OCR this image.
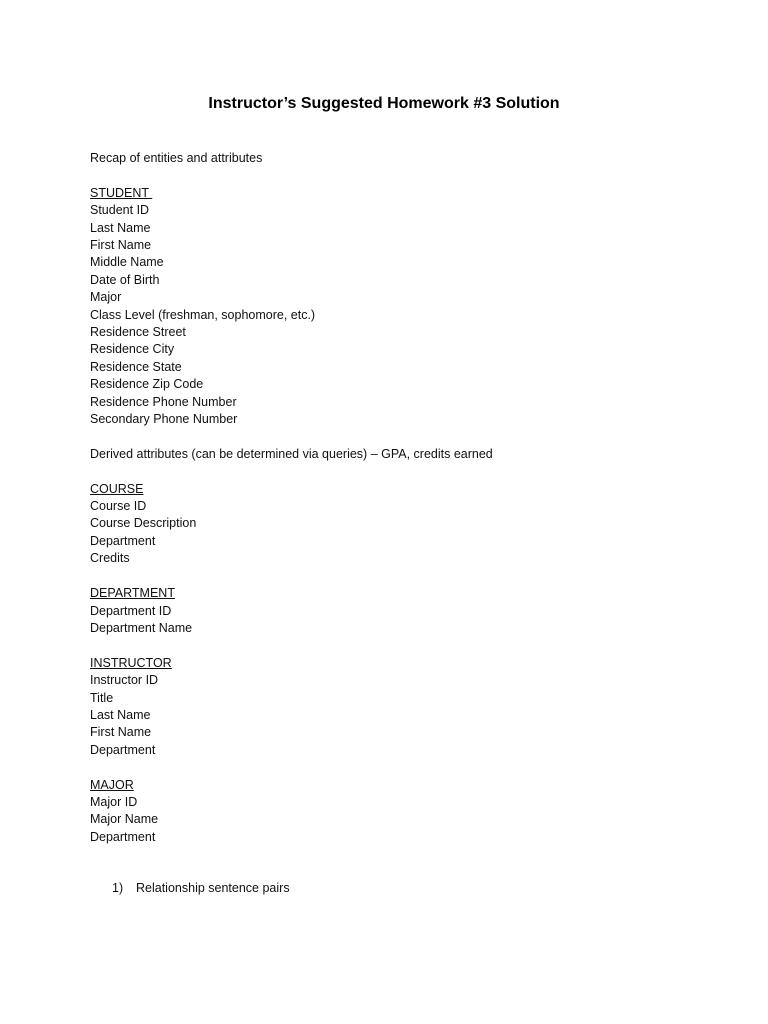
Instructor’s Suggested Homework #3 Solution
Recap of entities and attributes
STUDENT
Student ID
Last Name
First Name
Middle Name
Date of Birth
Major
Class Level (freshman, sophomore, etc.)
Residence Street
Residence City
Residence State
Residence Zip Code
Residence Phone Number
Secondary Phone Number
Derived attributes (can be determined via queries) – GPA, credits earned
COURSE
Course ID
Course Description
Department
Credits
DEPARTMENT
Department ID
Department Name
INSTRUCTOR
Instructor ID
Title
Last Name
First Name
Department
MAJOR
Major ID
Major Name
Department
1) Relationship sentence pairs
